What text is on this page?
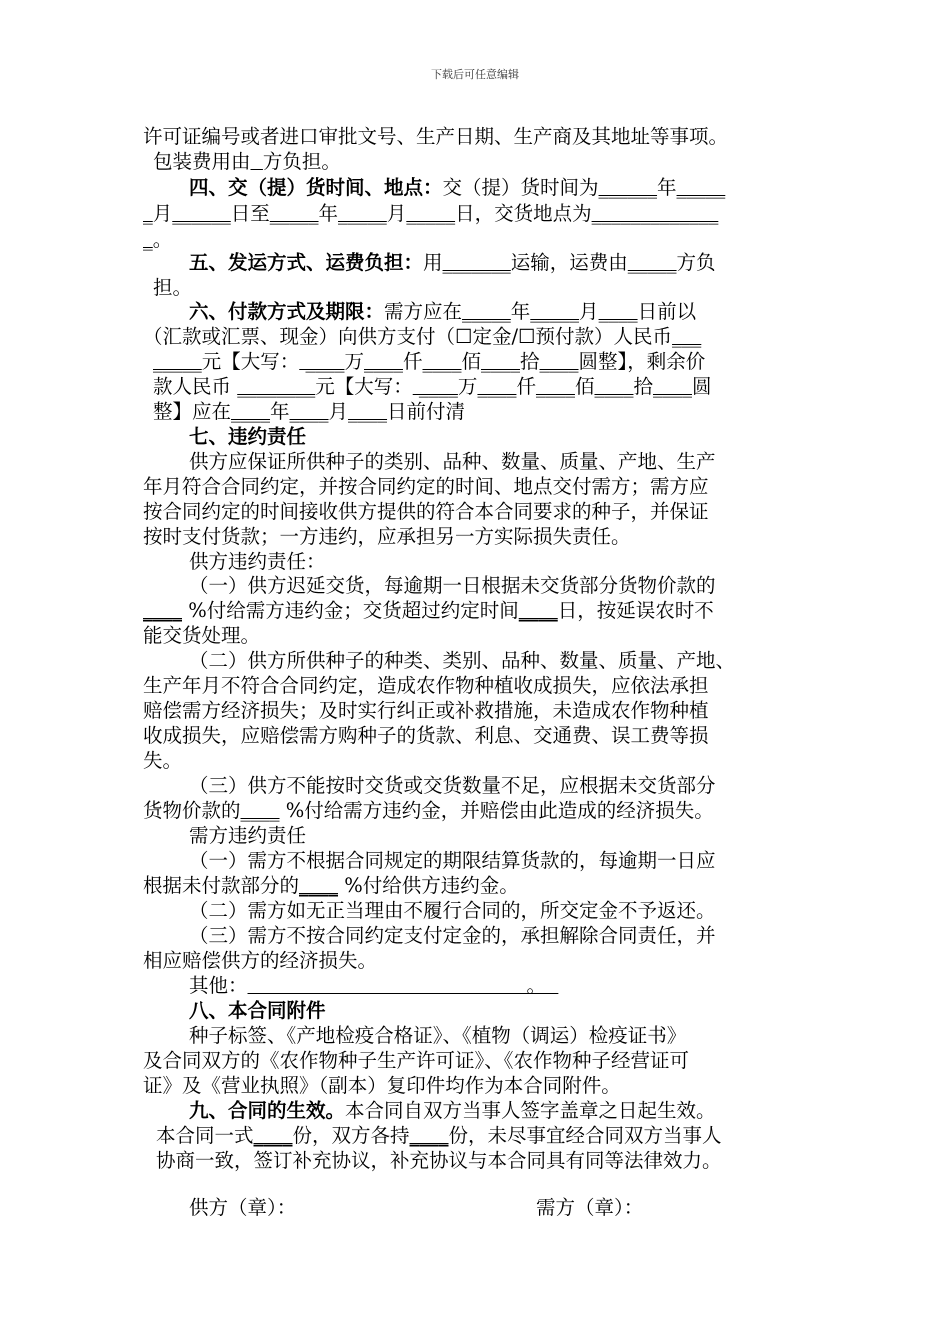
下载后可任意编辑
许可证编号或者进口审批文号、生产日期、生产商及其地址等事项。
包装费用由 方负担。
四、交（提）货时间、地点：交（提）货时间为______年_____
_月______日至_____年_____月_____日，交货地点为_____________
_。
五、发运方式、运费负担：用_______运输，运费由_____方负
担。
六、付款方式及期限：需方应在_____年_____月____日前以
（汇款或汇票、现金）向供方支付（☐定金/☐预付款）人民币___
_____元【大写： ____万____仟____佰____拾____圆整】，剩余价
款人民币 ________元【大写： ____万____仟____佰____拾____圆
整】应在____年____月____日前付清
七、违约责任
供方应保证所供种子的类别、品种、数量、质量、产地、生产
年月符合合同约定，并按合同约定的时间、地点交付需方；需方应
按合同约定的时间接收供方提供的符合本合同要求的种子，并保证
按时支付货款；一方违约，应承担另一方实际损失责任。
供方违约责任：
（一）供方迟延交货，每逾期一日根据未交货部分货物价款的
____ %付给需方违约金；交货超过约定时间____日，按延误农时不
能交货处理。
（二）供方所供种子的种类、类别、品种、数量、质量、产地、
生产年月不符合合同约定，造成农作物种植收成损失，应依法承担
赔偿需方经济损失；及时实行纠正或补救措施，未造成农作物种植
收成损失，应赔偿需方购种子的货款、利息、交通费、误工费等损
失。
（三）供方不能按时交货或交货数量不足，应根据未交货部分
货物价款的____ %付给需方违约金，并赔偿由此造成的经济损失。
需方违约责任
（一）需方不根据合同规定的期限结算货款的，每逾期一日应
根据未付款部分的____ %付给供方违约金。
（二）需方如无正当理由不履行合同的，所交定金不予返还。
（三）需方不按合同约定支付定金的，承担解除合同责任，并
相应赔偿供方的经济损失。
其他：                                             。
八、本合同附件
种子标签、《产地检疫合格证》、《植物（调运）检疫证书》
及合同双方的《农作物种子生产许可证》、《农作物种子经营证可
证》及《营业执照》（副本）复印件均作为本合同附件。
九、合同的生效。本合同自双方当事人签字盖章之日起生效。
本合同一式____份，双方各持____份，未尽事宜经合同双方当事人
协商一致，签订补充协议，补充协议与本合同具有同等法律效力。
供方（章）：	需方（章）：
